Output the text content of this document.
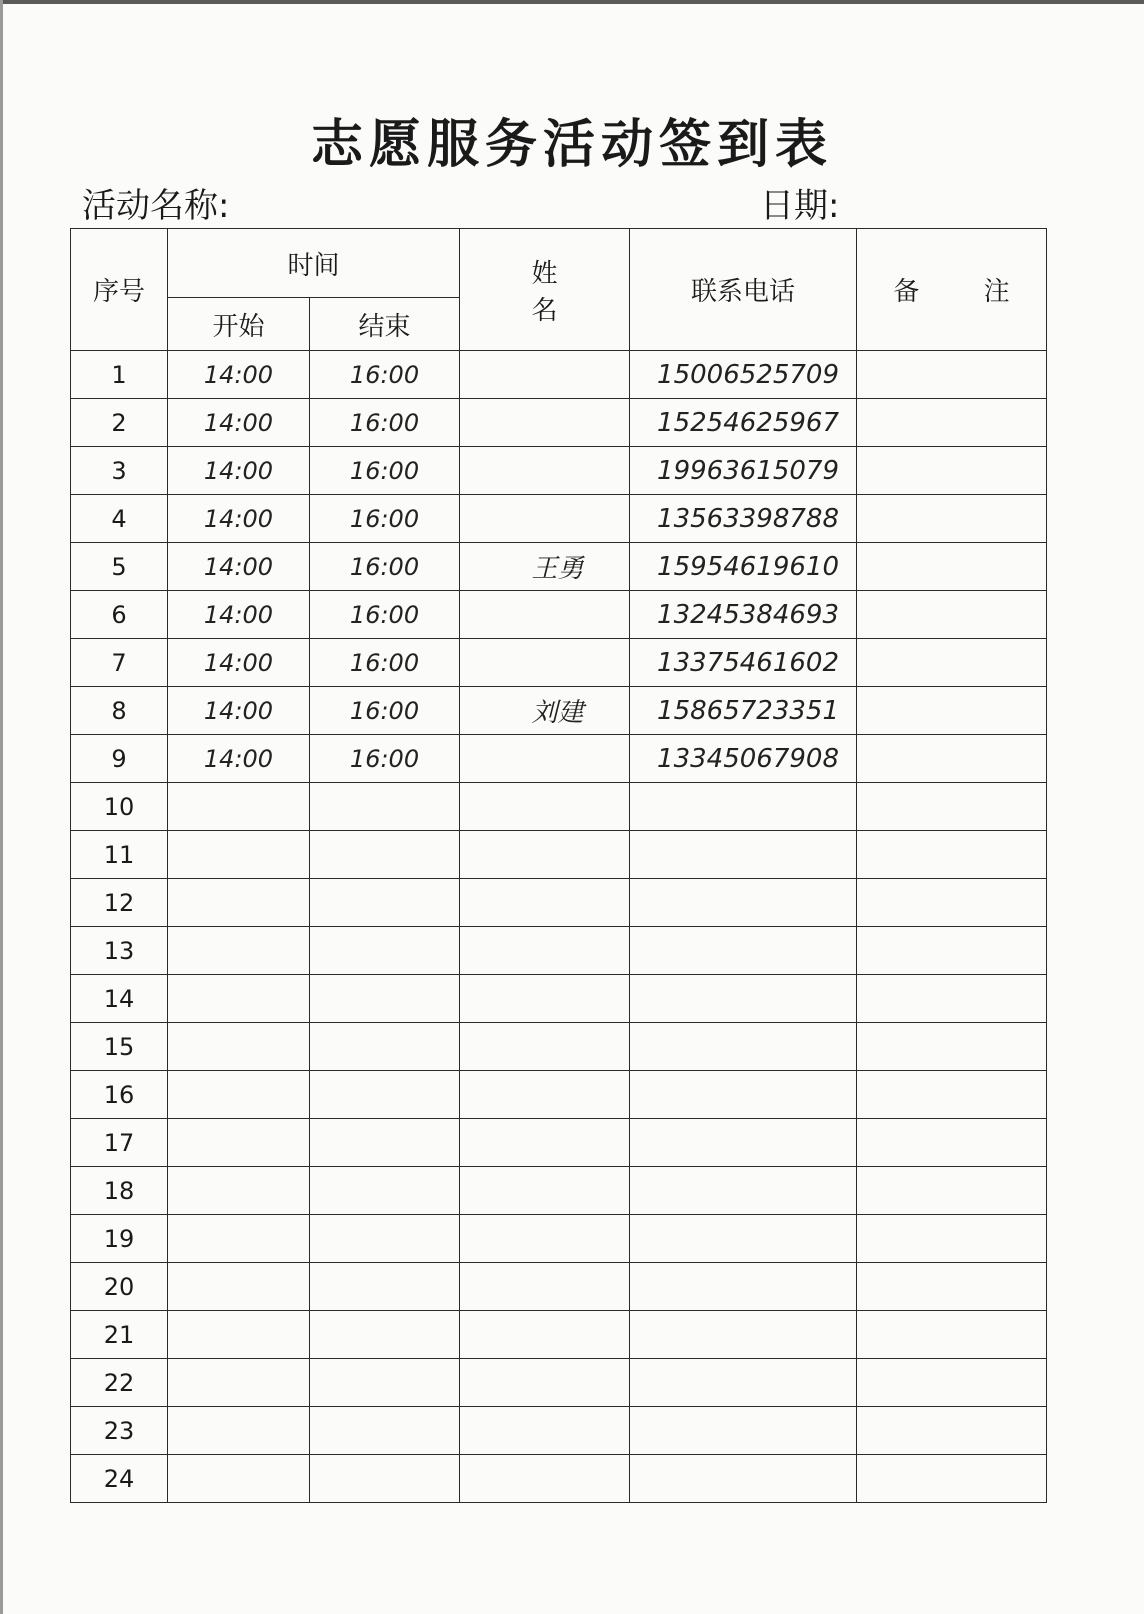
志愿服务活动签到表
活动名称:	日期:
序号	时间		姓 名	联系电话	备 注
	开始	结束			
1	14:00	16:00		15006525709	
2	14:00	16:00		15254625967	
3	14:00	16:00		19963615079	
4	14:00	16:00		13563398788	
5	14:00	16:00	王勇	15954619610	
6	14:00	16:00		13245384693	
7	14:00	16:00		13375461602	
8	14:00	16:00	刘建	15865723351	
9	14:00	16:00		13345067908	
10					
11					
12					
13					
14					
15					
16					
17					
18					
19					
20					
21					
22					
23					
24					
